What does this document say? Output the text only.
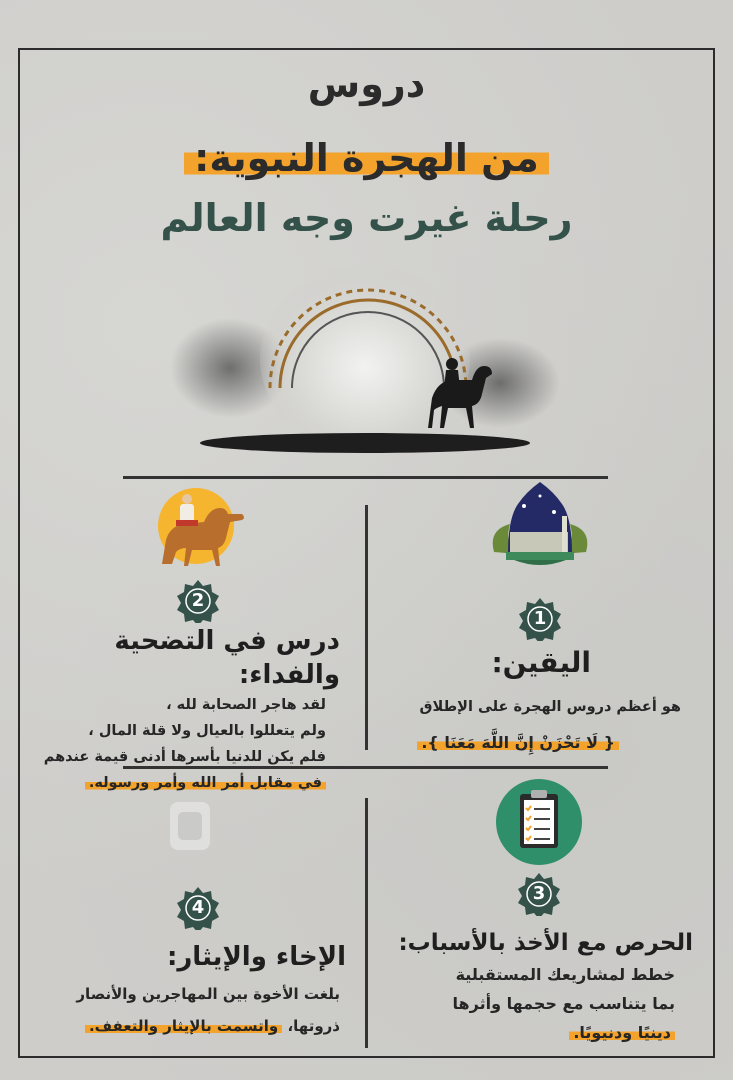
دروس
من الهجرة النبوية:
رحلة غيرت وجه العالم
2
1
3
4
درس في التضحية والفداء:
لقد هاجر الصحابة لله ،
ولم يتعللوا بالعيال ولا قلة المال ،
فلم يكن للدنيا بأسرها أدنى قيمة عندهم
في مقابل أمر الله وأمر ورسوله.
اليقين:
هو أعظم دروس الهجرة على الإطلاق
{ لَا تَحْزَنْ إِنَّ اللَّهَ مَعَنَا }.
الحرص مع الأخذ بالأسباب:
خطط لمشاريعك المستقبلية
بما يتناسب مع حجمها وأثرها
دينيًا ودنيويًا.
الإخاء والإيثار:
بلغت الأخوة بين المهاجرين والأنصار
ذروتها، واتسمت بالإيثار والتعفف.
